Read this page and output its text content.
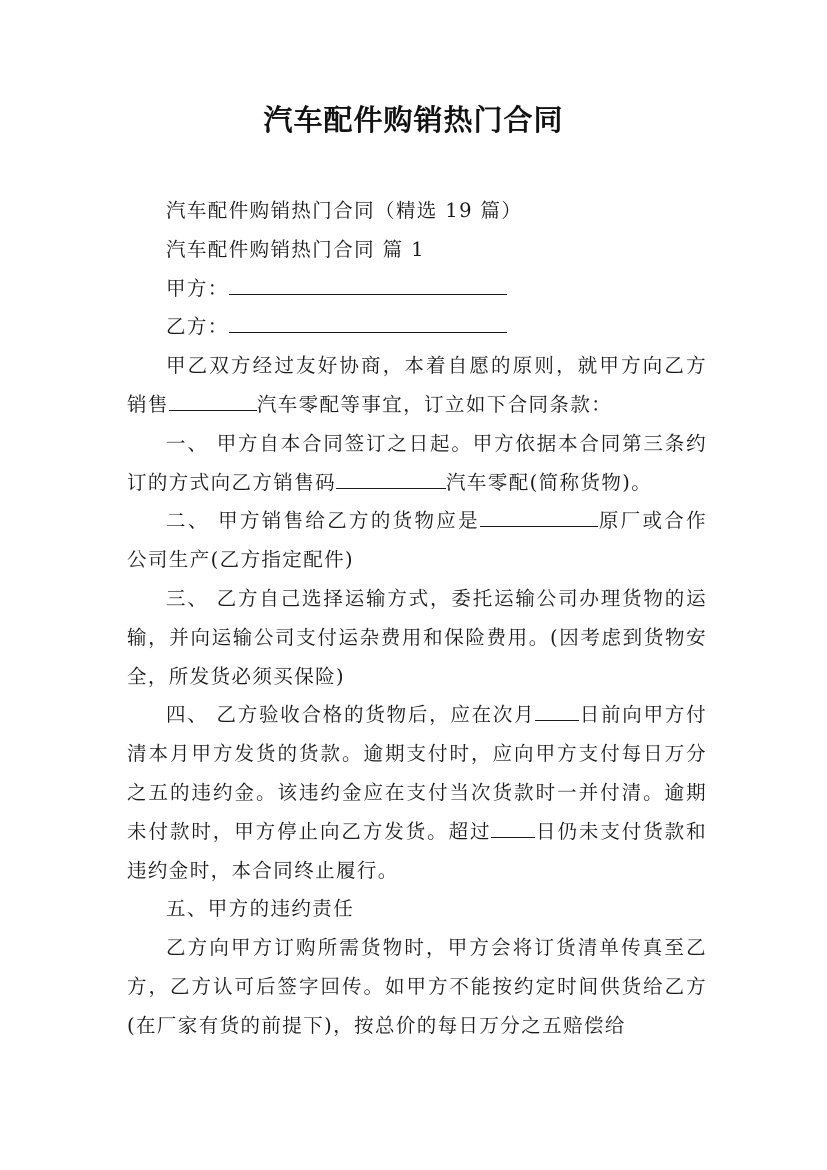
汽车配件购销热门合同

汽车配件购销热门合同（精选 19 篇）

汽车配件购销热门合同 篇 1

甲方：

乙方：

甲乙双方经过友好协商，本着自愿的原则，就甲方向乙方销售	汽车零配等事宜，订立如下合同条款：

一、 甲方自本合同签订之日起。甲方依据本合同第三条约订的方式向乙方销售码	汽车零配(简称货物)。

二、 甲方销售给乙方的货物应是	原厂或合作公司生产(乙方指定配件)

三、 乙方自己选择运输方式，委托运输公司办理货物的运输，并向运输公司支付运杂费用和保险费用。(因考虑到货物安全，所发货必须买保险)

四、 乙方验收合格的货物后，应在次月 日前向甲方付清本月甲方发货的货款。逾期支付时，应向甲方支付每日万分之五的违约金。该违约金应在支付当次货款时一并付清。逾期未付款时，甲方停止向乙方发货。超过 日仍未支付货款和违约金时，本合同终止履行。

五、甲方的违约责任

乙方向甲方订购所需货物时，甲方会将订货清单传真至乙方，乙方认可后签字回传。如甲方不能按约定时间供货给乙方(在厂家有货的前提下)，按总价的每日万分之五赔偿给
